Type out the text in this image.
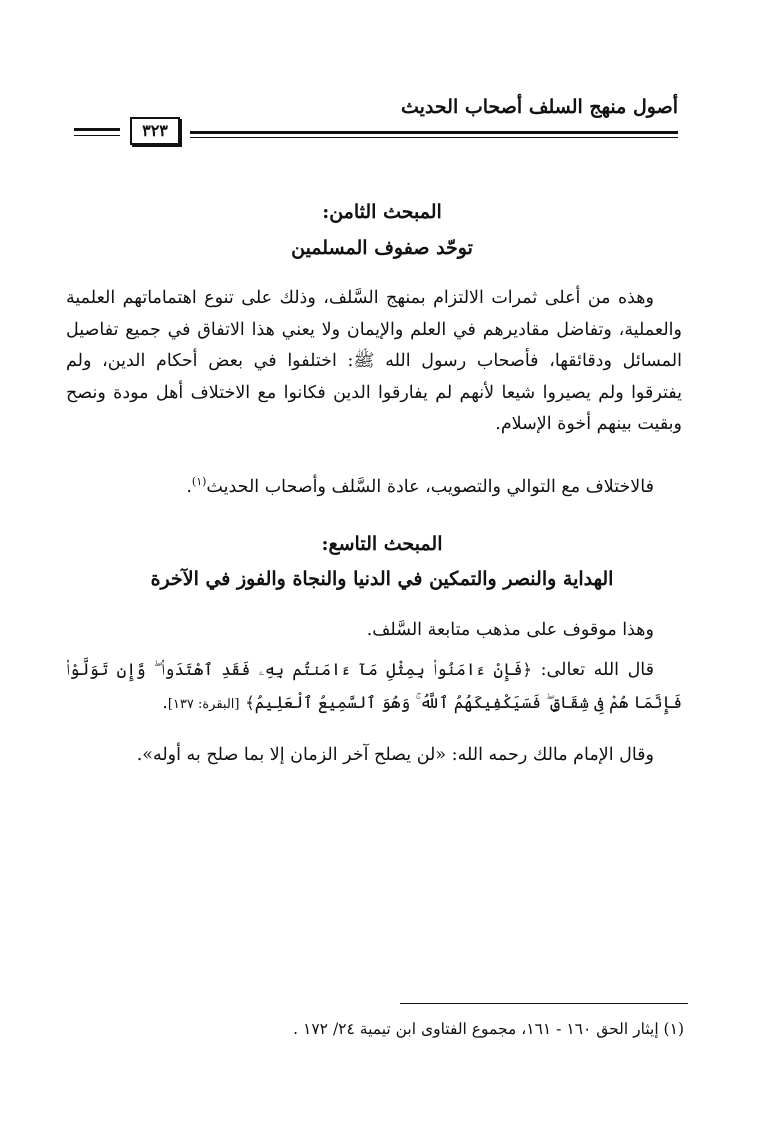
أصول منهج السلف أصحاب الحديث
٣٢٣
المبحث الثامن:
توحّد صفوف المسلمين
وهذه من أعلى ثمرات الالتزام بمنهج السَّلف، وذلك على تنوع اهتماماتهم العلمية والعملية، وتفاضل مقاديرهم في العلم والإيمان ولا يعني هذا الاتفاق في جميع تفاصيل المسائل ودقائقها، فأصحاب رسول الله ﷺ: اختلفوا في بعض أحكام الدين، ولم يفترقوا ولم يصيروا شيعا لأنهم لم يفارقوا الدين فكانوا مع الاختلاف أهل مودة ونصح وبقيت بينهم أخوة الإسلام.
فالاختلاف مع التوالي والتصويب، عادة السَّلف وأصحاب الحديث$^{(١)}$.
المبحث التاسع:
الهداية والنصر والتمكين في الدنيا والنجاة والفوز في الآخرة
وهذا موقوف على مذهب متابعة السَّلف.
قال الله تعالى: ﴿فَإِنْ ءَامَنُوا۟ بِمِثْلِ مَآ ءَامَنتُم بِهِۦ فَقَدِ ٱهْتَدَوا۟ ۖ وَّإِن تَوَلَّوْا۟ فَإِنَّمَا هُمْ فِى شِقَاقٍ ۖ فَسَيَكْفِيكَهُمُ ٱللَّهُ ۚ وَهُوَ ٱلسَّمِيعُ ٱلْعَلِيمُ﴾ [البقرة: ١٣٧].
وقال الإمام مالك رحمه الله: «لن يصلح آخر الزمان إلا بما صلح به أوله».
(١) إيثار الحق ١٦٠ - ١٦١، مجموع الفتاوى ابن تيمية ٢٤/ ١٧٢ .
